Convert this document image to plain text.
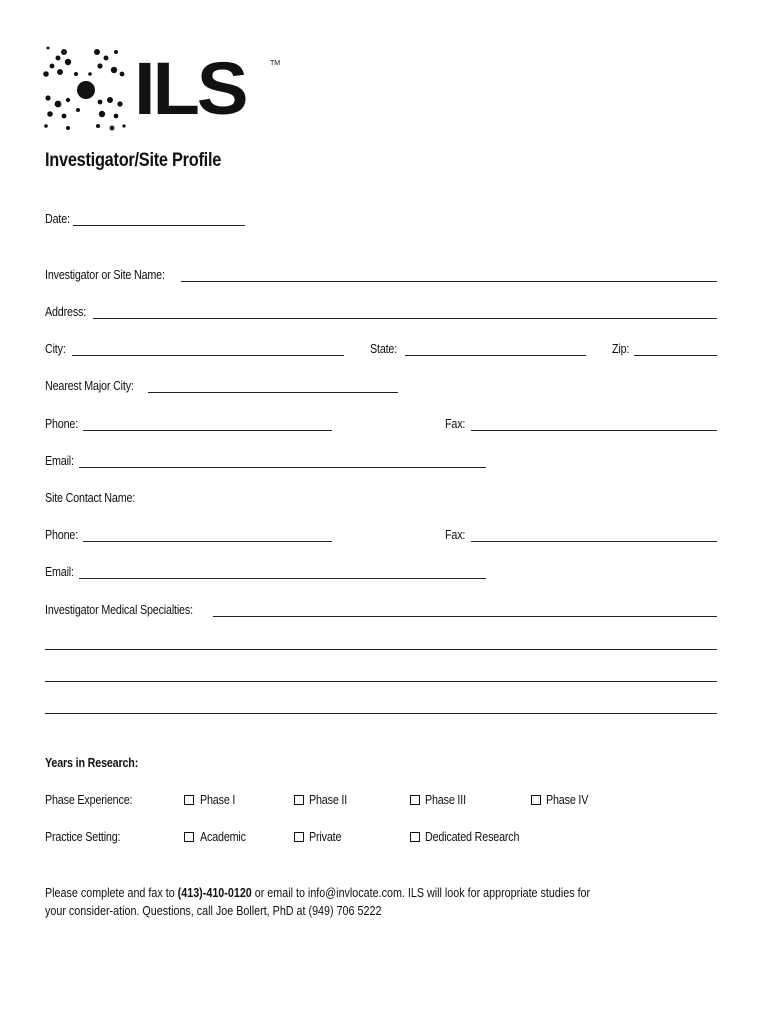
ILS	TM
Investigator/Site Profile
Date:
Investigator or Site Name:
Address:
City:	State:	Zip:
Nearest Major City:
Phone:	Fax:
Email:
Site Contact Name:
Phone:	Fax:
Email:
Investigator Medical Specialties:
Years in Research:
Phase Experience:	Phase I	Phase II	Phase III	Phase IV
Practice Setting:	Academic	Private	Dedicated Research
Please complete and fax to (413)-410-0120 or email to info@invlocate.com. ILS will look for appropriate studies for
your consider-ation. Questions, call Joe Bollert, PhD at (949) 706 5222
